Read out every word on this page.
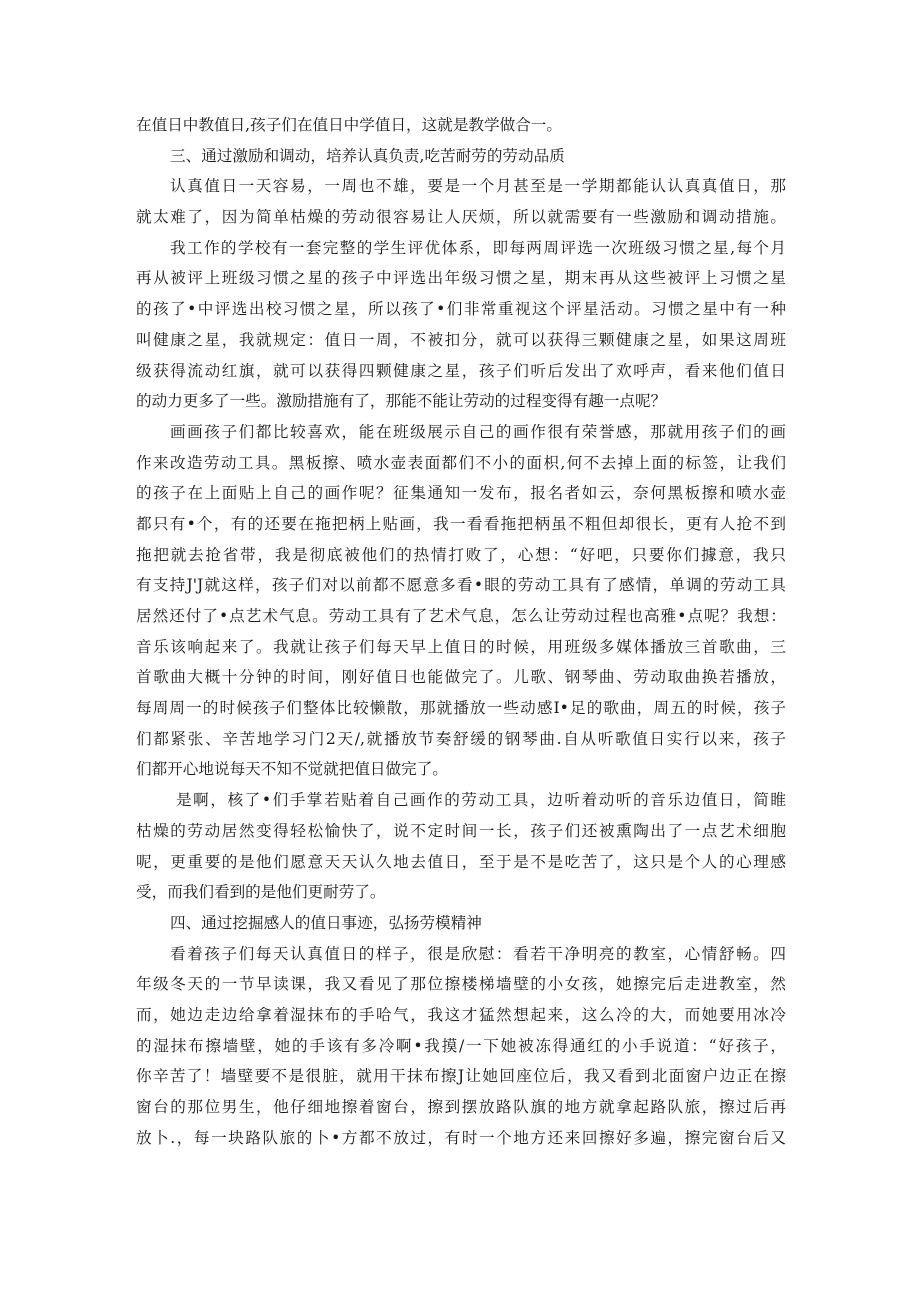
在值日中教值日,孩子们在值日中学值日，这就是教学做合一。
三、通过激励和调动，培养认真负责,吃苦耐劳的劳动品质
认真值日一天容易，一周也不雄，要是一个月甚至是一学期都能认认真真值日，那
就太难了，因为简单枯燥的劳动很容易让人厌烦，所以就需要有一些激励和调动措施。
我工作的学校有一套完整的学生评优体系，即每两周评选一次班级习惯之星,每个月
再从被评上班级习惯之星的孩子中评选出年级习惯之星，期末再从这些被评上习惯之星
的孩了•中评选出校习惯之星，所以孩了•们非常重视这个评星活动。习惯之星中有一种
叫健康之星，我就规定：值日一周，不被扣分，就可以获得三颗健康之星，如果这周班
级获得流动红旗，就可以获得四颗健康之星，孩子们听后发出了欢呼声，看来他们值日
的动力更多了一些。激励措施有了，那能不能让劳动的过程变得有趣一点呢？
画画孩子们都比较喜欢，能在班级展示自己的画作很有荣誉感，那就用孩子们的画
作来改造劳动工具。黑板擦、喷水壶表面都们不小的面枳,何不去掉上面的标签，让我们
的孩子在上面贴上自己的画作呢？征集通知一发布，报名者如云，奈何黑板擦和喷水壶
都只有•个，有的还要在拖把柄上贴画，我一看看拖把柄虽不粗但却很长，更有人抢不到
拖把就去抢省带，我是彻底被他们的热情打败了，心想：“好吧，只要你们據意，我只
有支持J'J就这样，孩子们对以前都不愿意多看•眼的劳动工具有了感情，单调的劳动工具
居然还付了•点艺术气息。劳动工具有了艺术气息，怎么让劳动过程也高雅•点呢？我想：
音乐该响起来了。我就让孩子们每天早上值日的时候，用班级多媒体播放三首歌曲，三
首歌曲大概十分钟的时间，刚好值日也能做完了。儿歌、钢琴曲、劳动取曲换若播放，
每周周一的时候孩子们整体比较懒散，那就播放一些动感I•足的歌曲，周五的时候，孩子
们都紧张、辛苦地学习门2天/,就播放节奏舒缓的钢琴曲.自从听歌值日实行以来，孩子
们都开心地说每天不知不觉就把值日做完了。
是啊，核了•们手掌若贴着自己画作的劳动工具，边听着动听的音乐边值日，简睢
枯燥的劳动居然变得轻松愉快了，说不定时间一长，孩子们还被熏陶出了一点艺术细胞
呢，更重要的是他们愿意天天认久地去值日，至于是不是吃苦了，这只是个人的心理感
受，而我们看到的是他们更耐劳了。
四、通过挖掘感人的值日事迹，弘扬劳模精神
看着孩子们每天认真值日的样子，很是欣慰：看若干净明亮的教室，心情舒畅。四
年级冬天的一节早读课，我又看见了那位擦楼梯墙壁的小女孩，她擦完后走进教室，然
而，她边走边给拿着湿抹布的手哈气，我这才猛然想起来，这么冷的大，而她要用冰冷
的湿抹布擦墙壁，她的手该有多冷啊•我摸/一下她被冻得通红的小手说道：“好孩子，
你辛苦了！墙壁要不是很脏，就用干抹布擦J让她回座位后，我又看到北面窗户边正在擦
窗台的那位男生，他仔细地擦着窗台，擦到摆放路队旗的地方就拿起路队旅，擦过后再
放卜.，每一块路队旅的卜•方都不放过，有时一个地方还来回擦好多遍，擦完窗台后又
